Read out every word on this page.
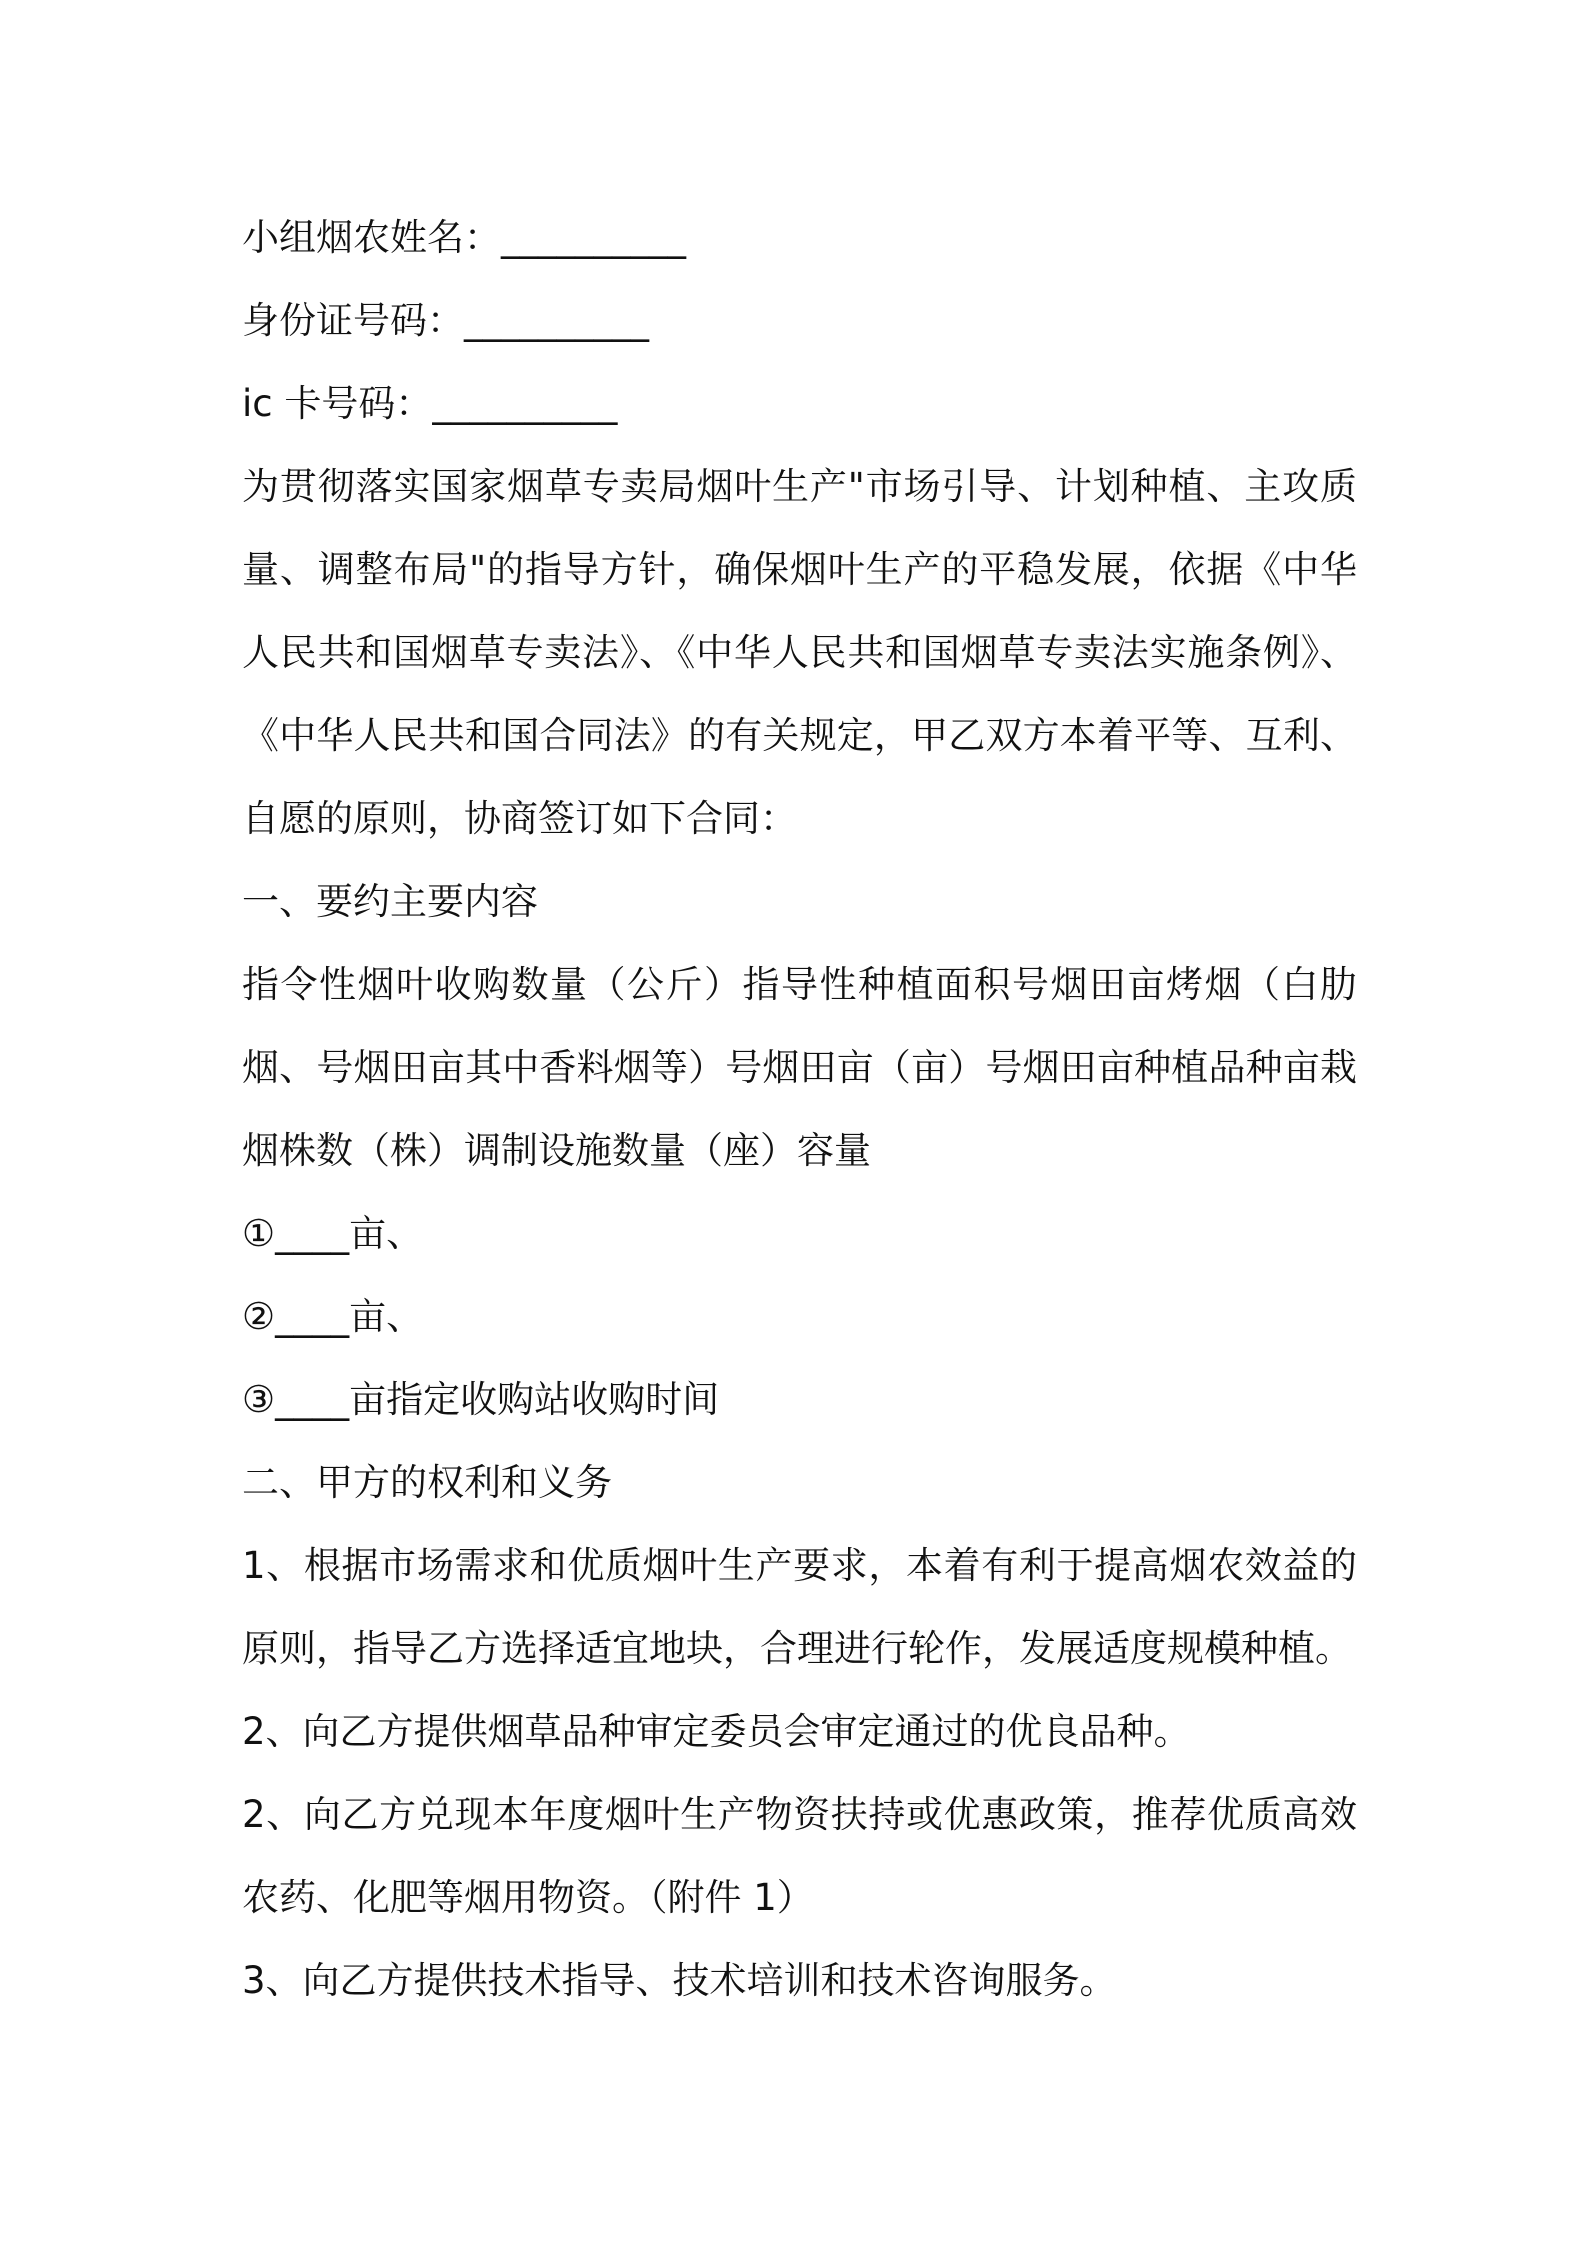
小组烟农姓名：__________
身份证号码：__________
ic 卡号码：__________
为贯彻落实国家烟草专卖局烟叶生产"市场引导、计划种植、主攻质量、调整布局"的指导方针，确保烟叶生产的平稳发展，依据《中华人民共和国烟草专卖法》、《中华人民共和国烟草专卖法实施条例》、《中华人民共和国合同法》的有关规定，甲乙双方本着平等、互利、自愿的原则，协商签订如下合同：
一、要约主要内容
指令性烟叶收购数量（公斤）指导性种植面积号烟田亩烤烟（白肋烟、号烟田亩其中香料烟等）号烟田亩（亩）号烟田亩种植品种亩栽烟株数（株）调制设施数量（座）容量
①____亩、
②____亩、
③____亩指定收购站收购时间
二、甲方的权利和义务
1、根据市场需求和优质烟叶生产要求，本着有利于提高烟农效益的原则，指导乙方选择适宜地块，合理进行轮作，发展适度规模种植。
2、向乙方提供烟草品种审定委员会审定通过的优良品种。
2、向乙方兑现本年度烟叶生产物资扶持或优惠政策，推荐优质高效农药、化肥等烟用物资。（附件 1）
3、向乙方提供技术指导、技术培训和技术咨询服务。
